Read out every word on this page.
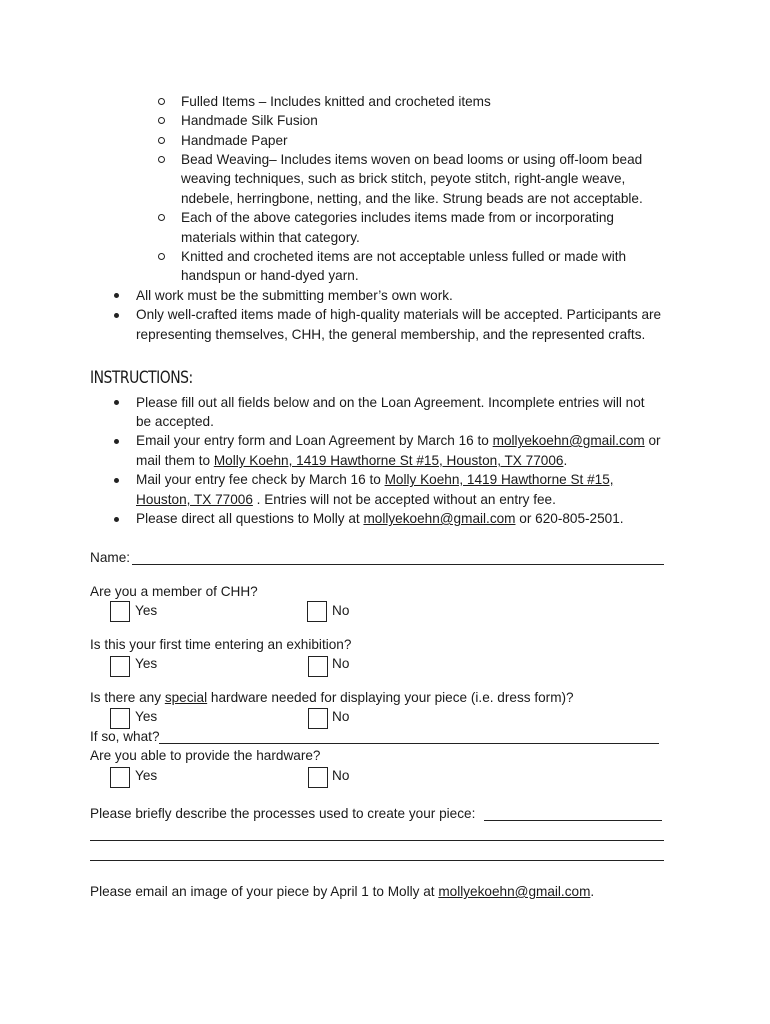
Fulled Items – Includes knitted and crocheted items
Handmade Silk Fusion
Handmade Paper
Bead Weaving– Includes items woven on bead looms or using off-loom bead
weaving techniques, such as brick stitch, peyote stitch, right-angle weave,
ndebele, herringbone, netting, and the like. Strung beads are not acceptable.
Each of the above categories includes items made from or incorporating
materials within that category.
Knitted and crocheted items are not acceptable unless fulled or made with
handspun or hand-dyed yarn.
All work must be the submitting member’s own work.
Only well-crafted items made of high-quality materials will be accepted. Participants are
representing themselves, CHH, the general membership, and the represented crafts.
INSTRUCTIONS:
Please fill out all fields below and on the Loan Agreement. Incomplete entries will not
be accepted.
Email your entry form and Loan Agreement by March 16 to mollyekoehn@gmail.com or
mail them to Molly Koehn, 1419 Hawthorne St #15, Houston, TX 77006.
Mail your entry fee check by March 16 to Molly Koehn, 1419 Hawthorne St #15,
Houston, TX 77006 . Entries will not be accepted without an entry fee.
Please direct all questions to Molly at mollyekoehn@gmail.com or 620-805-2501.
Name:
Are you a member of CHH?
Yes	No
Is this your first time entering an exhibition?
Yes	No
Is there any special hardware needed for displaying your piece (i.e. dress form)?
Yes	No
If so, what?
Are you able to provide the hardware?
Yes	No
Please briefly describe the processes used to create your piece:
Please email an image of your piece by April 1 to Molly at mollyekoehn@gmail.com.
